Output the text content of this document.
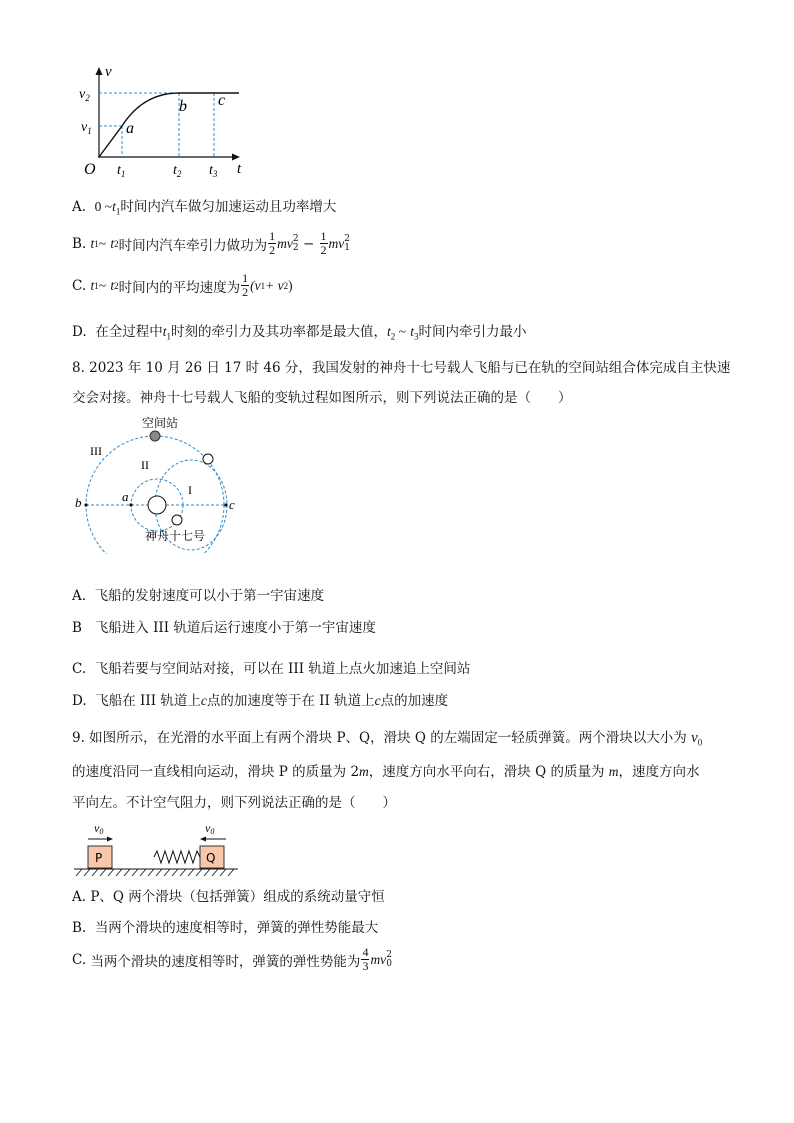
v
t
O
$v_2$
$v_1$
$t_1$	$t_2$ $t_3$
a
b c
A. 0 $\sim t_1$时间内汽车做匀加速运动且功率增大
B.
t 1 ~
t 2 时间内汽车牵引力做功为 $\frac{1}{2}$ mv 2
2
−
$\frac{1}{2}$ mv 2
1
C.
t 1 ~
t 2 时间内的平均速度为 $\frac{1}{2} (v$ 1 + v 2 )
D. 在全过程中$t_1$时刻的牵引力及其功率都是最大值，$t_2$ ~ $t_3$时间内牵引力最小
8. 2023 年 10 月 26 日 17 时 46 分，我国发射的神舟十七号载人飞船与已在轨的空间站组合体完成自主快速
交会对接。神舟十七号载人飞船的变轨过程如图所示，则下列说法正确的是（　　）
空间站
神舟十七号
III
II
I
a
b	c
A. 飞船的发射速度可以小于第一宇宙速度
B 飞船进入 III 轨道后运行速度小于第一宇宙速度
C. 飞船若要与空间站对接，可以在 III 轨道上点火加速追上空间站
D. 飞船在 III 轨道上c点的加速度等于在 II 轨道上c点的加速度
9. 如图所示，在光滑的水平面上有两个滑块 P、Q，滑块 Q 的左端固定一轻质弹簧。两个滑块以大小为 $v_0$
的速度沿同一直线相向运动，滑块 P 的质量为 2m，速度方向水平向右，滑块 Q 的质量为 m，速度方向水
平向左。不计空气阻力，则下列说法正确的是（　　）
v0	v0
P	Q
A. P、Q 两个滑块（包括弹簧）组成的系统动量守恒
B. 当两个滑块的速度相等时，弹簧的弹性势能最大
C.
当两个滑块的速度相等时，弹簧的弹性势能为 $\frac{4}{3}$ mv 2
0
